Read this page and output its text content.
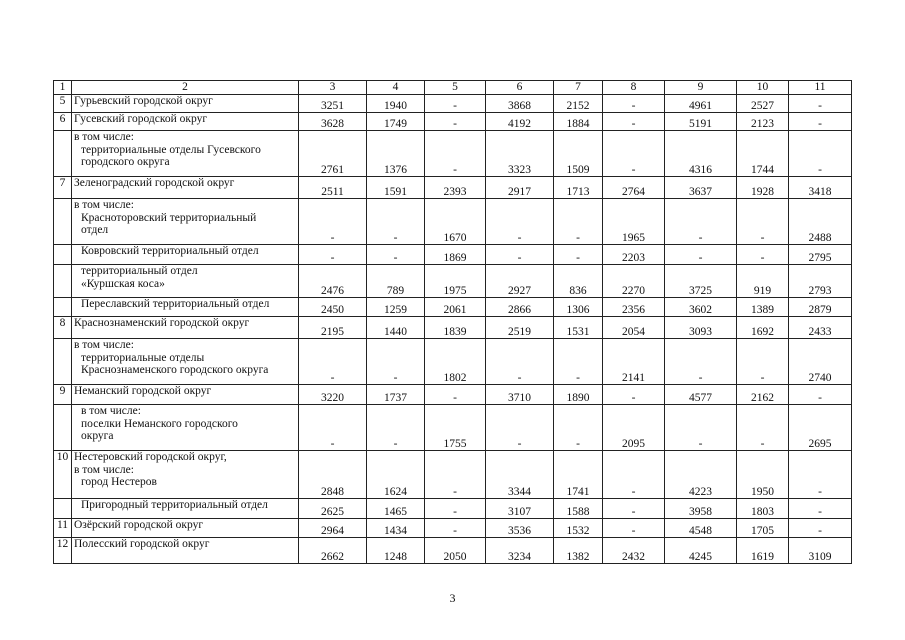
1	2	3	4	5	6	7	8	9	10	11
5	Гурьевский городской округ	3251	1940	-	3868	2152	-	4961	2527	-
6	Гусевский городской округ	3628	1749	-	4192	1884	-	5191	2123	-

	в том числе:
территориальные отделы Гусевского
городского округа	2761	1376	-	3323	1509	-	4316	1744	-
7	Зеленоградский городской округ	2511	1591	2393	2917	1713	2764	3637	1928	3418

	в том числе:
Красноторовский территориальный
отдел	-	-	1670	-	-	1965	-	-	2488

	Ковровский территориальный отдел	-	-	1869	-	-	2203	-	-	2795

	территориальный отдел
«Куршская коса»	2476	789	1975	2927	836	2270	3725	919	2793

	Переславский территориальный отдел	2450	1259	2061	2866	1306	2356	3602	1389	2879
8	Краснознаменский городской округ	2195	1440	1839	2519	1531	2054	3093	1692	2433

	в том числе:
территориальные отделы
Краснознаменского городского округа	-	-	1802	-	-	2141	-	-	2740
9	Неманский городской округ	3220	1737	-	3710	1890	-	4577	2162	-

	в том числе:
поселки Неманского городского
округа	-	-	1755	-	-	2095	-	-	2695
10	Нестеровский городской округ,
в том числе:
город Нестеров	2848	1624	-	3344	1741	-	4223	1950	-

	Пригородный территориальный отдел	2625	1465	-	3107	1588	-	3958	1803	-
11	Озёрский городской округ	2964	1434	-	3536	1532	-	4548	1705	-
12	Полесский городской округ	2662	1248	2050	3234	1382	2432	4245	1619	3109
3
